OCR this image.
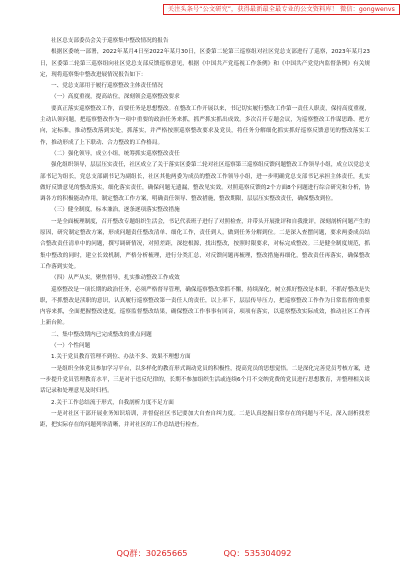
关注头条号“公文研究”，获得最新最全最专业的公文资料库！ 微信：gongwenvs

社区总支部委员会关于巡察集中整改情况的报告

根据区委统一部署，2022年某月4日至2022年某月30日，区委第二轮第三巡察组对社区党总支部进行了巡察，2023年某月23日，区委第二轮第三巡察组向社区党总支部反馈巡察意见，根据《中国共产党巡视工作条例》和《中国共产党党内监督条例》有关规定，现将巡察集中整改进展情况报告如下：

一、党总支部用于履行巡察整改主体责任情况

（一）高度重视，提高站位，深刻领会巡察整改要求

要真正落实巡察整改工作，首要任务是思想整改。在整改工作开展以来，书记切实履行整改工作第一责任人职责，保持高度重视，主动认领问题，把巡察整改作为一项中重要的政治任务来抓，抓严抓实抓出成效。多次召开专题会议，为巡察整改工作谋思路、把方向，定标准，推动整改落到实处，抓落实，并严格按照巡察整改要求及党员，将任务分解细化抓实抓好巡察反馈意见的整改落实工作，推动形成了上下联动、合力整改的工作格局。

（二）强化领导，成立小组，统筹抓实巡察整改责任

强化组织领导，层层压实责任，社区成立了关于落实区委第二轮对社区巡察第三巡察组反馈问题整改工作领导小组，成立以党总支部书记为组长，党总支部副书记为副组长，社区其他两委为成员的整改工作领导小组，进一步明确党总支部书记承担主体责任，扎实做好反馈意见的整改落实，细化落实责任，确保问题无遗漏，整改见实效。对照巡察反馈的2个方面8个问题进行综合研究和分析，协调各方的积极能动作用，制定整改工作方案，明确责任领导、整改措施，整改期限，层层压实整改责任，确保整改到位。

（三）健全制度，标本兼治，逐条逐项落实整改措施

一是全面梳理制度，召开整改专题组织生活会，书记代表班子进行了对照检查，并带头开展批评和自我批评，深刻剖析问题产生的原因，研究制定整改方案，形成问题责任整改清单、细化工作，责任到人，做到任务分解到位。二是深入查摆问题，要求两委成员结合整改责任清单中的问题，撰写调研情况，对照差距，深挖根源，找出整改，按照时限要求，对标完成整改。三是健全制度规范，抓集中整改的同时，建立长效机制，严格分析梳理，进行分类汇总，对反馈问题再梳理，整改措施再细化，整改责任再落实，确保整改工作落到实处。

（四）从严从实，聚焦督导，扎实推动整改工作成效

巡察整改是一项长期的政治任务，必须严格督导管理，确保巡察整改常抓不懈，持续深化，树立抓好整改是本职，不抓好整改是失职，不抓整改是渎职的意识，认真履行巡察整改第一责任人的责任，以上率下，层层传导压力，把巡察整改工作作为日常监督的重要内容来抓，全面把握整改进度，巡察监督整改结果，确保整改工作事事有回音，项项有落实，以巡察整改实际成效，推动社区工作再上新台阶。

二、集中整改期内已完成整改的重点问题

（一）个性问题

1.关于党员教育管理不到位、办法不多、效果不理想方面

一是组织全体党员参加学习平台，以多样化的教育形式调动党员的积极性，提高党员的思想觉悟。二是深化完善党员考核方案，进一步提升党员管理教育水平，三是对于违反纪律的，长期不参加组织生活或连续6个月不交纳党费的党员进行思想教育，并整理相关谈话记录和处理意见及时归档。

2.关于工作总结流于形式，自我剖析力度不足方面

一是对社区干部开展业务知识培训，并督促社区书记要加大自查自纠力度。二是认真挖掘日常存在的问题与不足，深入剖析找差距，把实际存在的问题列举清晰，并对社区的工作总结进行检查。

QQ群：30265665	QQ：535304092
